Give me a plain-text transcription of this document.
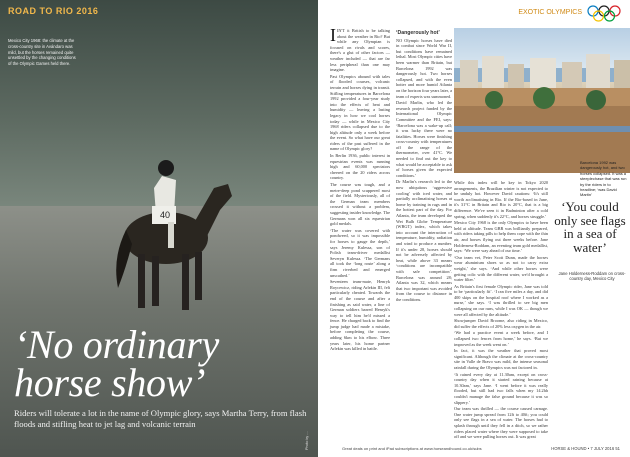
40
ROAD TO RIO 2016
Mexico City 1968: the climate at the cross-country site in Avándaro was mild, but the horses remained quite unsettled by the changing conditions of the Olympic Games held there.
‘No ordinary
horse show’
Riders will tolerate a lot in the name of Olympic glory, says Martha Terry, from flash floods and stifling heat to jet lag and volcanic terrain
Photo by …
EXOTIC OLYMPICS

IIN'T it British to be talking about the weather in Rio? But while any Olympian is focused on rivals and scores, there's a glut of other factors — weather included — that are far less peripheral than one may imagine.

Past Olympics abound with tales of flooded courses, volcanic terrain and horses dying in transit. Stifling temperatures in Barcelona 1992 provided a four-year study into the effects of heat and humidity — leaving a lasting legacy in how we cool horses today — while in Mexico City 1968 riders collapsed due to the high altitude only a week before the event. So what have our great riders of the past suffered in the name of Olympic glory?

In Berlin 1936, public interest in equestrian events was running high and 60,000 spectators cheered on the 20 riders across country.

The course was tough, and a metre-deep pond scuppered most of the field. Mysteriously, all of the German team members crossed it without a problem, suggesting insider knowledge. The Germans won all six equestrian gold medals.

‘The water was covered with pondweed, so it was impossible for horses to gauge the depth,’ says Jeremy Kulessa, son of Polish team-driver medallist Severyn Kulessa. ‘The Germans all took the ‘long route’ along a firm riverbed and emerged unscathed.’

Seventeen team-mate, Henryk Roycewicz, riding Arlekin III, felt particularly cheated. Towards the end of the course and after a finishing as said water, a line of German soldiers barred Henryk's way to tell him he'd missed a fence. He charged back to find the jump judge had made a mistake, before completing the course, adding 6km to his elbow. Three years later, his home partner Arlekin was killed in battle.

‘Dangerously hot’

NO Olympic horses have died in combat since World War II, but conditions have remained lethal. Most Olympic cities have been warmer than Britain, but Barcelona 1992 was dangerously hot. Two horses collapsed, and with the even hotter and more humid Atlanta on the horizon four years later, a team of experts was summoned.

David Marlin, who led the research project funded by the International Olympic Committee and the FEI, says: ‘Barcelona was a wake-up call; it was lucky there were no fatalities. Horses were finishing cross-country with temperatures off the range of the thermometer, over 41°C. We needed to find out the key to what would be acceptable to ask of horses given the expected conditions.’

Dr Marlin's research led to the now ubiquitous ‘aggressive cooling’ with iced water, and partially acclimatising horses at home by training in rugs and in the hottest part of the day. For Atlanta, the team developed the Wet Bulb Globe Temperature (WBGT) index, which takes into account the interaction of temperature, humidity, radiation and wind to produce a number. If it's under 28, horses should not be adversely affected by heat, while above 33 means ‘conditions are incompatible with safe competition’. Barcelona was around 28; Atlanta was 32, which means that two important was avoided from the course to distance in the conditions.

Barcelona 1992 was dangerously hot, and two horses collapsed. It was a steeplechase that was run by the riders in to headline; ‘was David Martin’

While this index will be key in Tokyo 2020 arrangements, the Brazilian winter is not expected to be unduly hot. However David cautions: ‘It's still worth acclimatising in Rio. If the Rio-based in June, it's 31°C in Britain and Rio is 20°C, that is a big difference. We've seen it in Badminton after a cold spring, when suddenly it's 22°C, and horses struggle.’

Mexico City 1968 is the only Olympics to have been held at altitude. Team GBR was brilliantly prepared, with riders taking pills to help them cope with the thin air, and horses flying out three weeks before. Jane Holderness-Roddam, an eventing team gold medallist, says: ‘We were way ahead of our time.’

‘Our team vet, Peter Scott Dunn, made the horses wear aluminium shoes so as not to carry extra weight,’ she says. ‘And while other horses were getting colic with the different water, we'd brought a water filter.’

As Britain's first female Olympic rider, Jane was told to be ‘particularly fit’. ‘I ran five miles a day, and did 400 skips on the hospital roof where I worked as a nurse,’ she says. ‘I was thrilled to see big men collapsing on our runs, while I was OK — though we were all affected by the altitude.’

Showjumper David Broome, also riding in Mexico, did suffer the effects of 20% less oxygen in the air.

‘We had a practice event a week before, and I collapsed two fences from home,’ he says. ‘But we improved as the week went on.’

In fact, it was the weather that proved most significant. Although the climate at the cross-country site in Valle de Bravo was mild, the intense seasonal rainfall during the Olympics was not factored in.

‘It rained every day at 11.30am, except on cross-country day when it started raining because at 10.30am,’ says Jane. ‘I went before it was really flooded, but still had two falls when my 14.2hh couldn't manage the false ground because it was so slippery.’

Our team was thrilled — the course caused carnage. One water jump spread from 12ft to 40ft; you could only see flags in a sea of water. The horses had to splash through until they fell in a ditch, so we rather riders placed water where they were supposed to take off and we were pulling horses out. It was great

‘You could only see flags in a sea of water’
Jane Holderness-Roddam on cross-country day, Mexico City
Great deals on print and iPad subscriptions at www.horseandhound.co.uk/subs	HORSE & HOUND • 7 JULY 2016 51
